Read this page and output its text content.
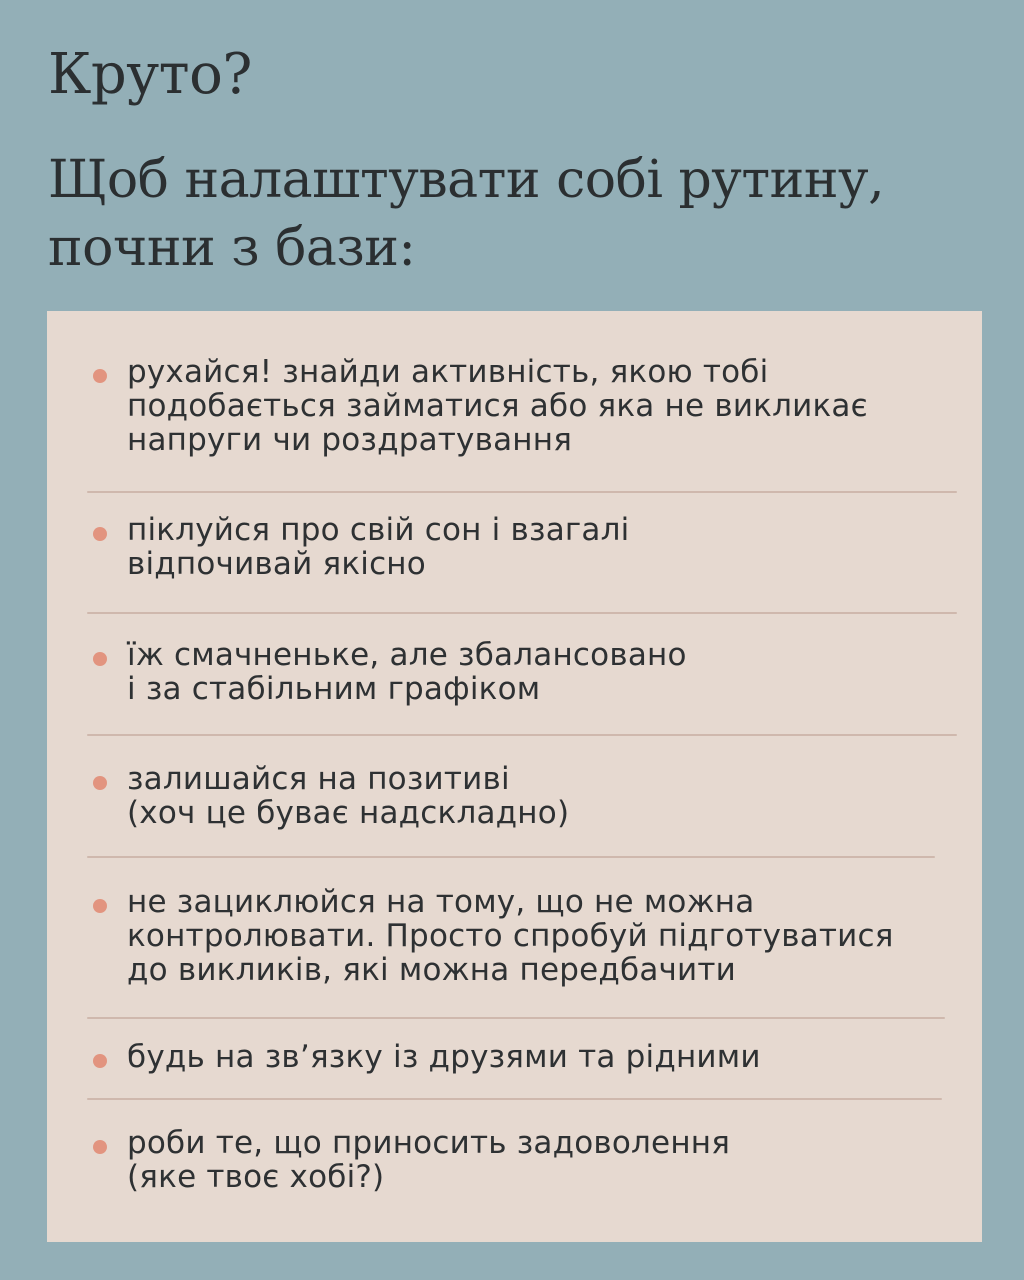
Круто?
Щоб налаштувати собі рутину,
почни з бази:
рухайся! знайди активність, якою тобі
подобається займатися або яка не викликає
напруги чи роздратування
піклуйся про свій сон і взагалі
відпочивай якісно
їж смачненьке, але збалансовано
і за стабільним графіком
залишайся на позитиві
(хоч це буває надскладно)
не зациклюйся на тому, що не можна
контролювати. Просто спробуй підготуватися
до викликів, які можна передбачити
будь на зв’язку із друзями та рідними
роби те, що приносить задоволення
(яке твоє хобі?)
